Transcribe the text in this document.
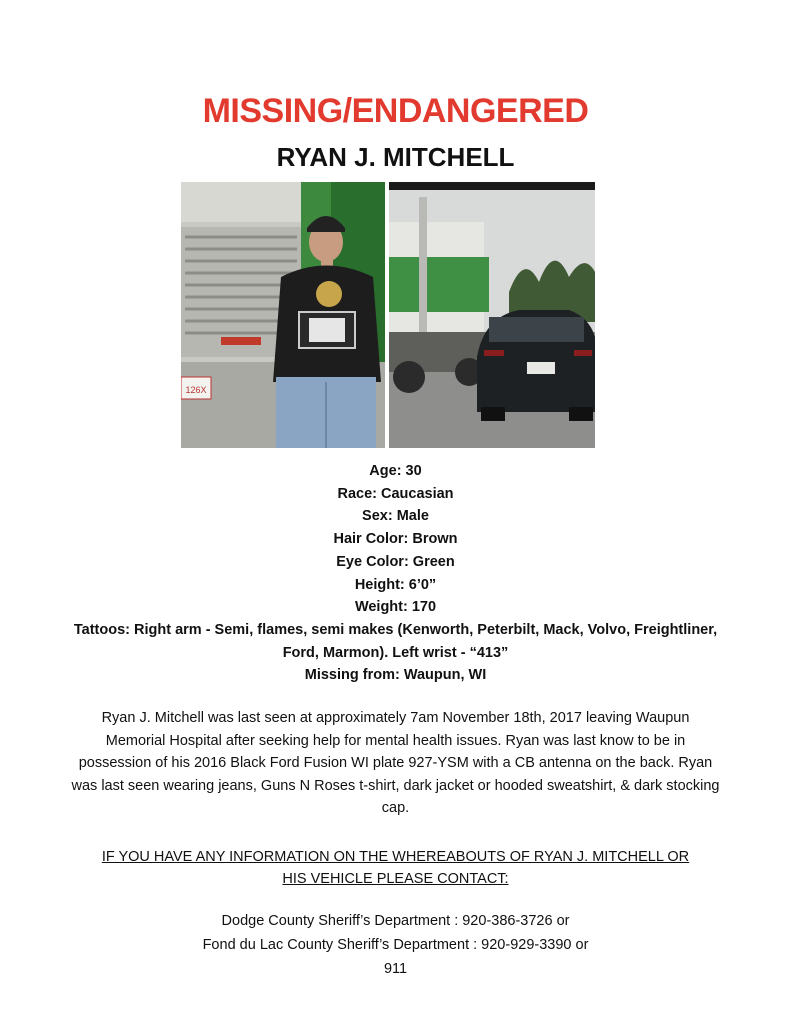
MISSING/ENDANGERED
RYAN J. MITCHELL
126X
Age: 30
Race: Caucasian
Sex: Male
Hair Color: Brown
Eye Color: Green
Height: 6’0”
Weight: 170
Tattoos: Right arm - Semi, flames, semi makes (Kenworth, Peterbilt, Mack, Volvo, Freightliner, Ford, Marmon). Left wrist - “413”
Missing from: Waupun, WI
Ryan J. Mitchell was last seen at approximately 7am November 18th, 2017 leaving Waupun Memorial Hospital after seeking help for mental health issues. Ryan was last know to be in possession of his 2016 Black Ford Fusion WI plate 927-YSM with a CB antenna on the back. Ryan was last seen wearing jeans, Guns N Roses t-shirt, dark jacket or hooded sweatshirt, & dark stocking cap.
IF YOU HAVE ANY INFORMATION ON THE WHEREABOUTS OF RYAN J. MITCHELL OR HIS VEHICLE PLEASE CONTACT:
Dodge County Sheriff’s Department : 920-386-3726 or
Fond du Lac County Sheriff’s Department : 920-929-3390 or
911
